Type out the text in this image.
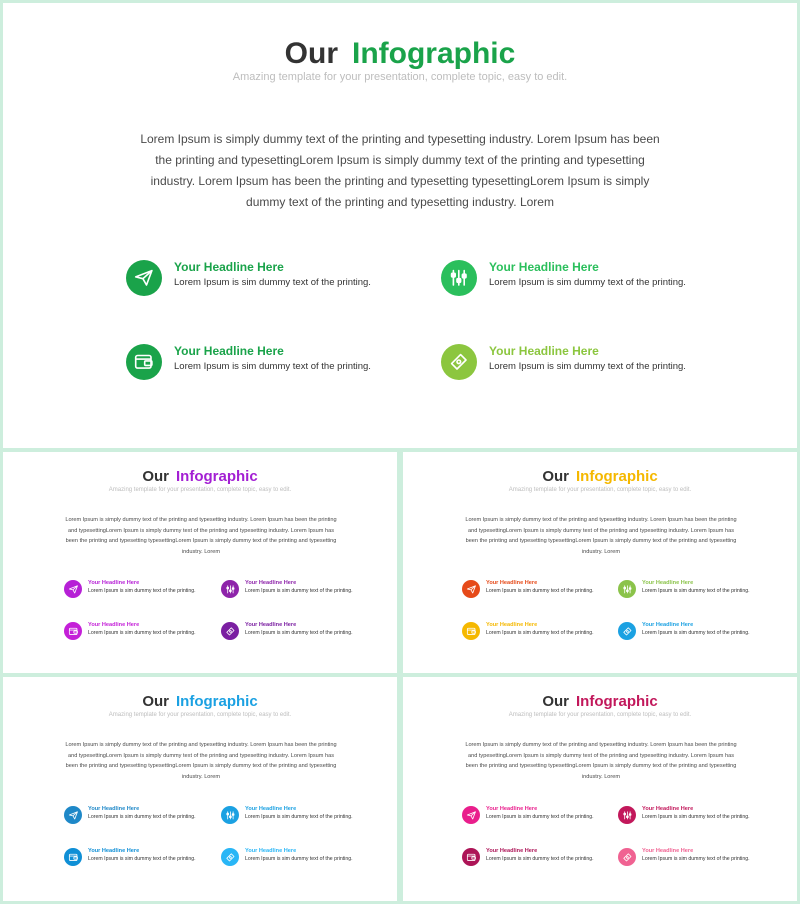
Our Infographic
Amazing template for your presentation, complete topic, easy to edit.
Lorem Ipsum is simply dummy text of the printing and typesetting industry. Lorem Ipsum has been the printing and typesettingLorem Ipsum is simply dummy text of the printing and typesetting industry. Lorem Ipsum has been the printing and typesetting typesettingLorem Ipsum is simply dummy text of the printing and typesetting industry. Lorem
Your Headline Here
Lorem Ipsum is sim dummy text of the printing.
Your Headline Here
Lorem Ipsum is sim dummy text of the printing.
Your Headline Here
Lorem Ipsum is sim dummy text of the printing.
Your Headline Here
Lorem Ipsum is sim dummy text of the printing.
Our Infographic
Amazing template for your presentation, complete topic, easy to edit.
Lorem Ipsum is simply dummy text of the printing and typesetting industry. Lorem Ipsum has been the printing and typesettingLorem Ipsum is simply dummy text of the printing and typesetting industry. Lorem Ipsum has been the printing and typesetting typesettingLorem Ipsum is simply dummy text of the printing and typesetting industry. Lorem
Your Headline Here
Lorem Ipsum is sim dummy text of the printing.
Your Headline Here
Lorem Ipsum is sim dummy text of the printing.
Your Headline Here
Lorem Ipsum is sim dummy text of the printing.
Your Headline Here
Lorem Ipsum is sim dummy text of the printing.
Our Infographic
Amazing template for your presentation, complete topic, easy to edit.
Lorem Ipsum is simply dummy text of the printing and typesetting industry. Lorem Ipsum has been the printing and typesettingLorem Ipsum is simply dummy text of the printing and typesetting industry. Lorem Ipsum has been the printing and typesetting typesettingLorem Ipsum is simply dummy text of the printing and typesetting industry. Lorem
Your Headline Here
Lorem Ipsum is sim dummy text of the printing.
Your Headline Here
Lorem Ipsum is sim dummy text of the printing.
Your Headline Here
Lorem Ipsum is sim dummy text of the printing.
Your Headline Here
Lorem Ipsum is sim dummy text of the printing.
Our Infographic
Amazing template for your presentation, complete topic, easy to edit.
Lorem Ipsum is simply dummy text of the printing and typesetting industry. Lorem Ipsum has been the printing and typesettingLorem Ipsum is simply dummy text of the printing and typesetting industry. Lorem Ipsum has been the printing and typesetting typesettingLorem Ipsum is simply dummy text of the printing and typesetting industry. Lorem
Your Headline Here
Lorem Ipsum is sim dummy text of the printing.
Your Headline Here
Lorem Ipsum is sim dummy text of the printing.
Your Headline Here
Lorem Ipsum is sim dummy text of the printing.
Your Headline Here
Lorem Ipsum is sim dummy text of the printing.
Our Infographic
Amazing template for your presentation, complete topic, easy to edit.
Lorem Ipsum is simply dummy text of the printing and typesetting industry. Lorem Ipsum has been the printing and typesettingLorem Ipsum is simply dummy text of the printing and typesetting industry. Lorem Ipsum has been the printing and typesetting typesettingLorem Ipsum is simply dummy text of the printing and typesetting industry. Lorem
Your Headline Here
Lorem Ipsum is sim dummy text of the printing.
Your Headline Here
Lorem Ipsum is sim dummy text of the printing.
Your Headline Here
Lorem Ipsum is sim dummy text of the printing.
Your Headline Here
Lorem Ipsum is sim dummy text of the printing.
